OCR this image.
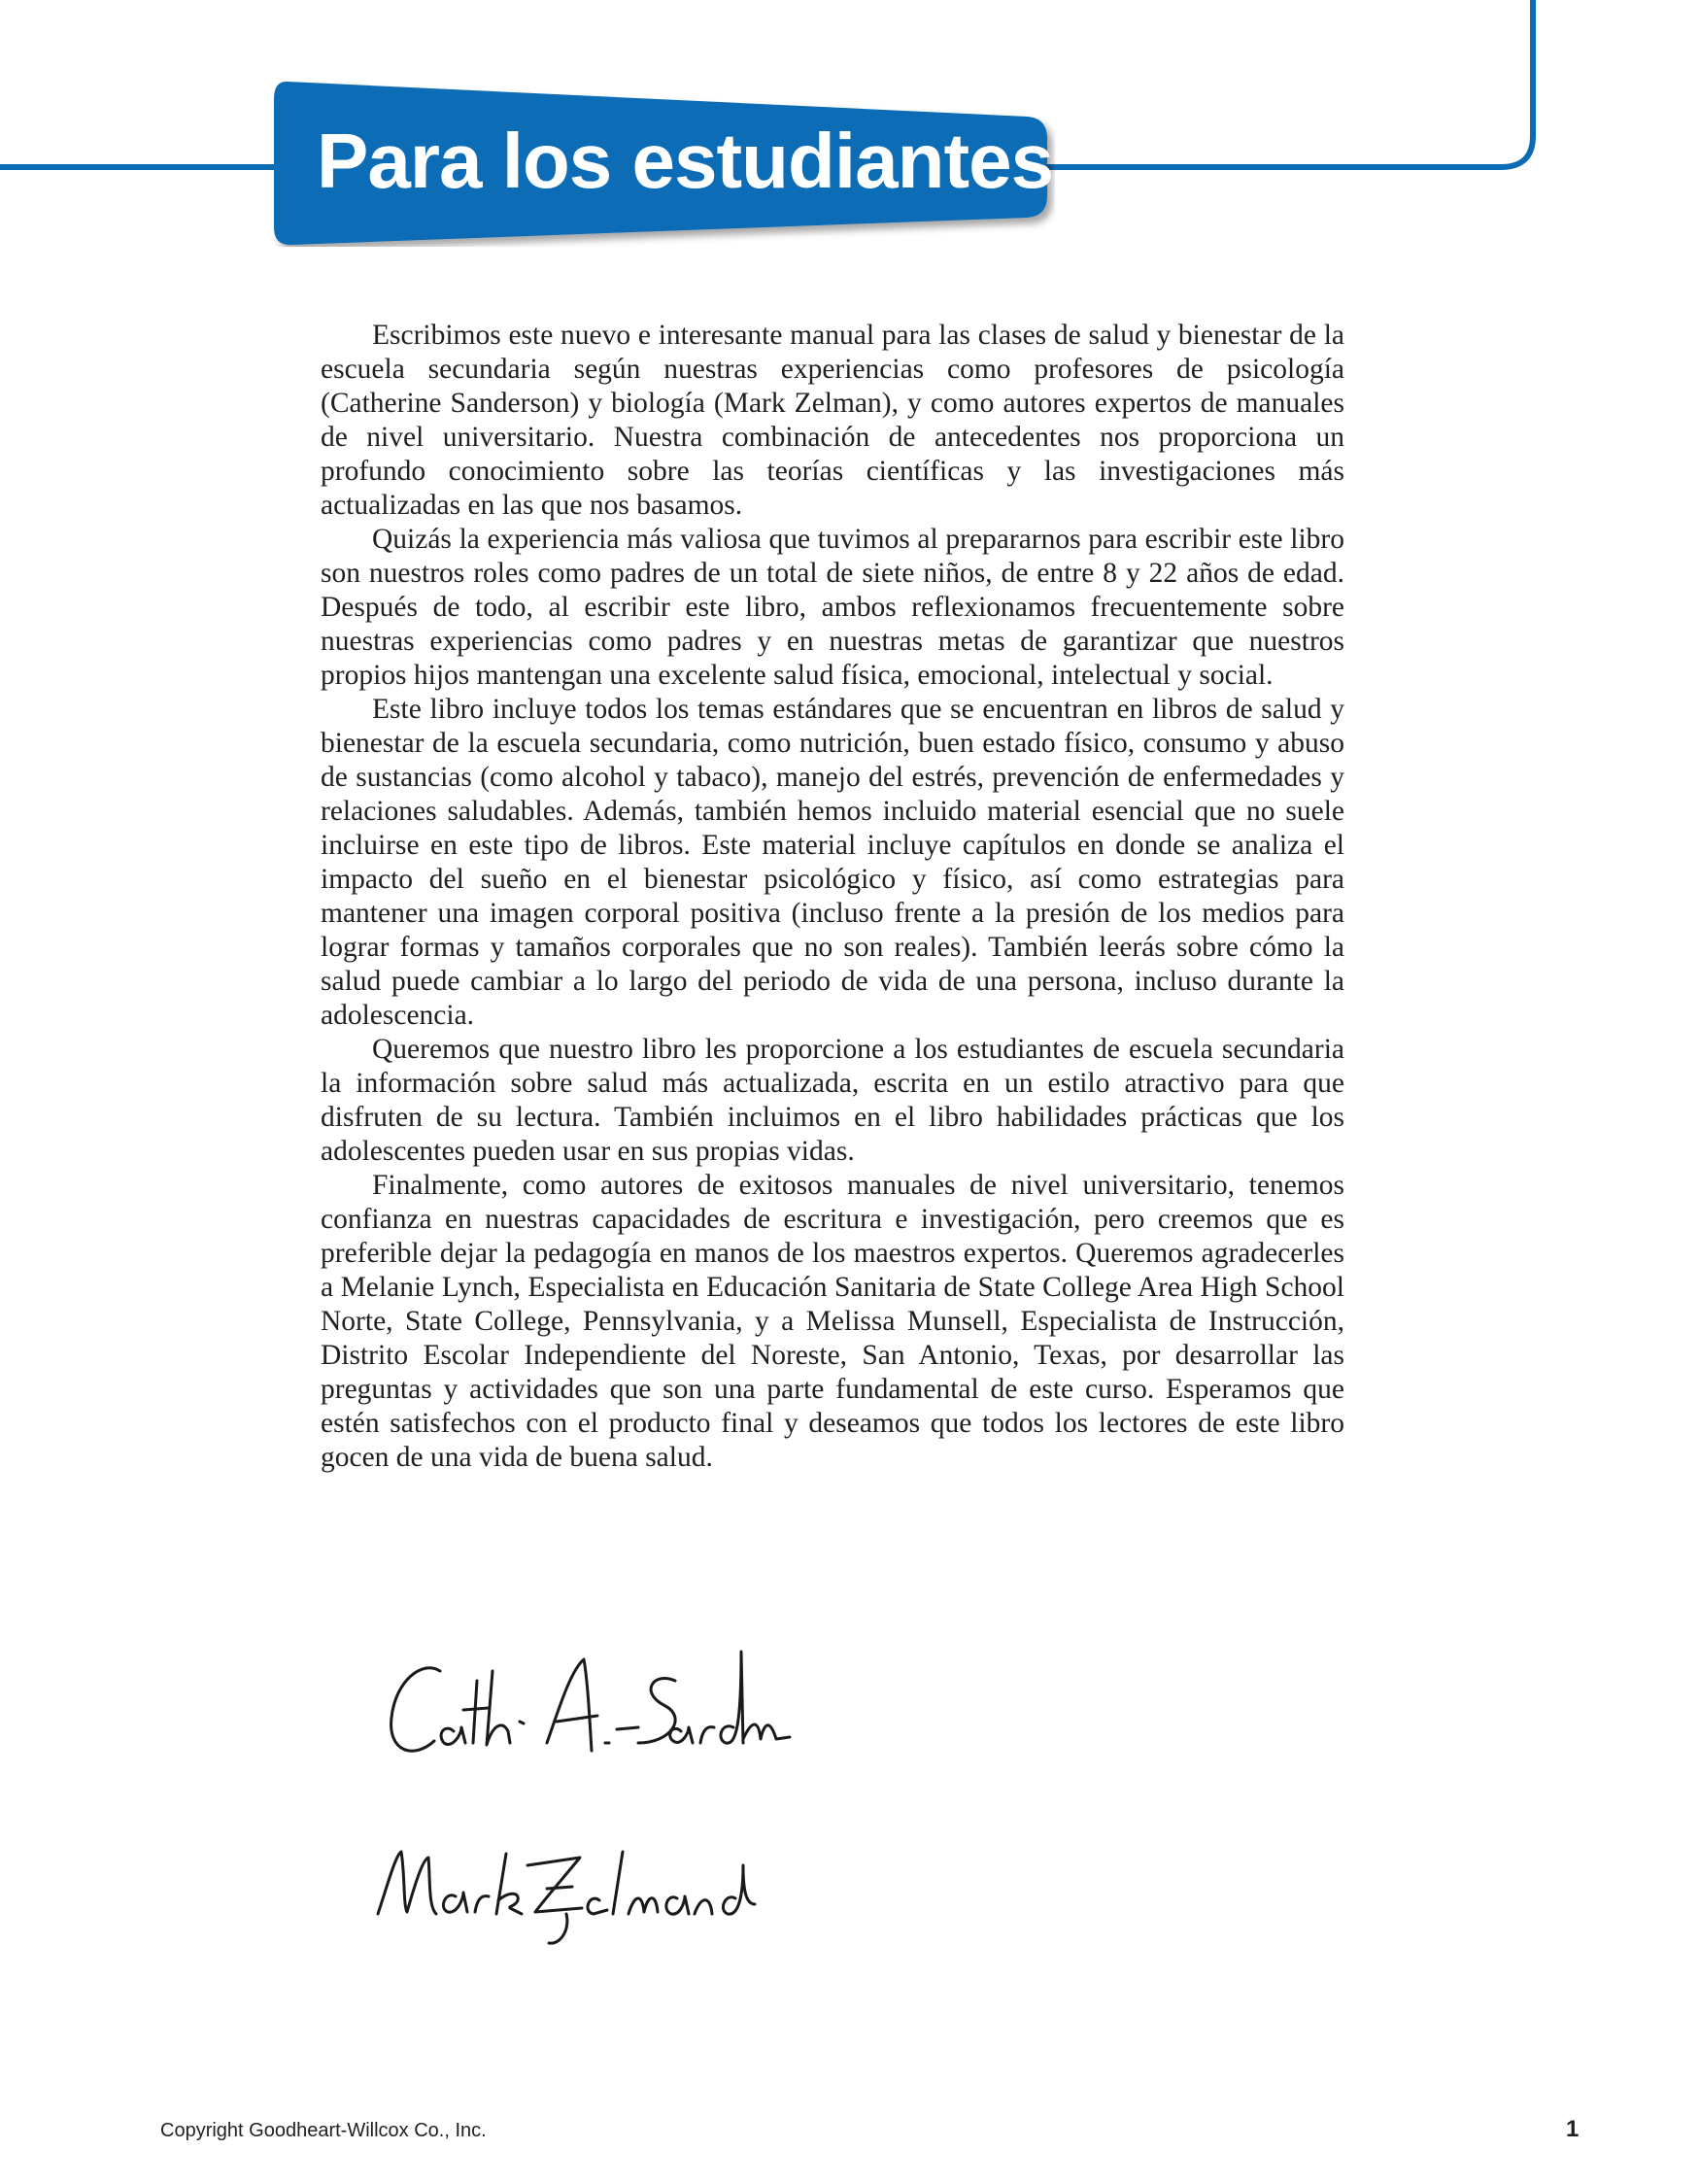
Para los estudiantes

Escribimos este nuevo e interesante manual para las clases de salud y bienestar de la escuela secundaria según nuestras experiencias como profesores de psicología (Catherine Sanderson) y biología (Mark Zelman), y como autores expertos de manuales de nivel universitario. Nuestra combinación de antecedentes nos proporciona un profundo conocimiento sobre las teorías científicas y las investigaciones más actualizadas en las que nos basamos.

Quizás la experiencia más valiosa que tuvimos al prepararnos para escribir este libro son nuestros roles como padres de un total de siete niños, de entre 8 y 22 años de edad. Después de todo, al escribir este libro, ambos reflexionamos frecuentemente sobre nuestras experiencias como padres y en nuestras metas de garantizar que nuestros propios hijos mantengan una excelente salud física, emocional, intelectual y social.

Este libro incluye todos los temas estándares que se encuentran en libros de salud y bienestar de la escuela secundaria, como nutrición, buen estado físico, consumo y abuso de sustancias (como alcohol y tabaco), manejo del estrés, prevención de enfermedades y relaciones saludables. Además, también hemos incluido material esencial que no suele incluirse en este tipo de libros. Este material incluye capítulos en donde se analiza el impacto del sueño en el bienestar psicológico y físico, así como estrategias para mantener una imagen corporal positiva (incluso frente a la presión de los medios para lograr formas y tamaños corporales que no son reales). También leerás sobre cómo la salud puede cambiar a lo largo del periodo de vida de una persona, incluso durante la adolescencia.

Queremos que nuestro libro les proporcione a los estudiantes de escuela secundaria la información sobre salud más actualizada, escrita en un estilo atractivo para que disfruten de su lectura. También incluimos en el libro habilidades prácticas que los adolescentes pueden usar en sus propias vidas.

Finalmente, como autores de exitosos manuales de nivel universitario, tenemos confianza en nuestras capacidades de escritura e investigación, pero creemos que es preferible dejar la pedagogía en manos de los maestros expertos. Queremos agradecerles a Melanie Lynch, Especialista en Educación Sanitaria de State College Area High School Norte, State College, Pennsylvania, y a Melissa Munsell, Especialista de Instrucción, Distrito Escolar Independiente del Noreste, San Antonio, Texas, por desarrollar las preguntas y actividades que son una parte fundamental de este curso. Esperamos que estén satisfechos con el producto final y deseamos que todos los lectores de este libro gocen de una vida de buena salud.

Copyright Goodheart-Willcox Co., Inc.	1
